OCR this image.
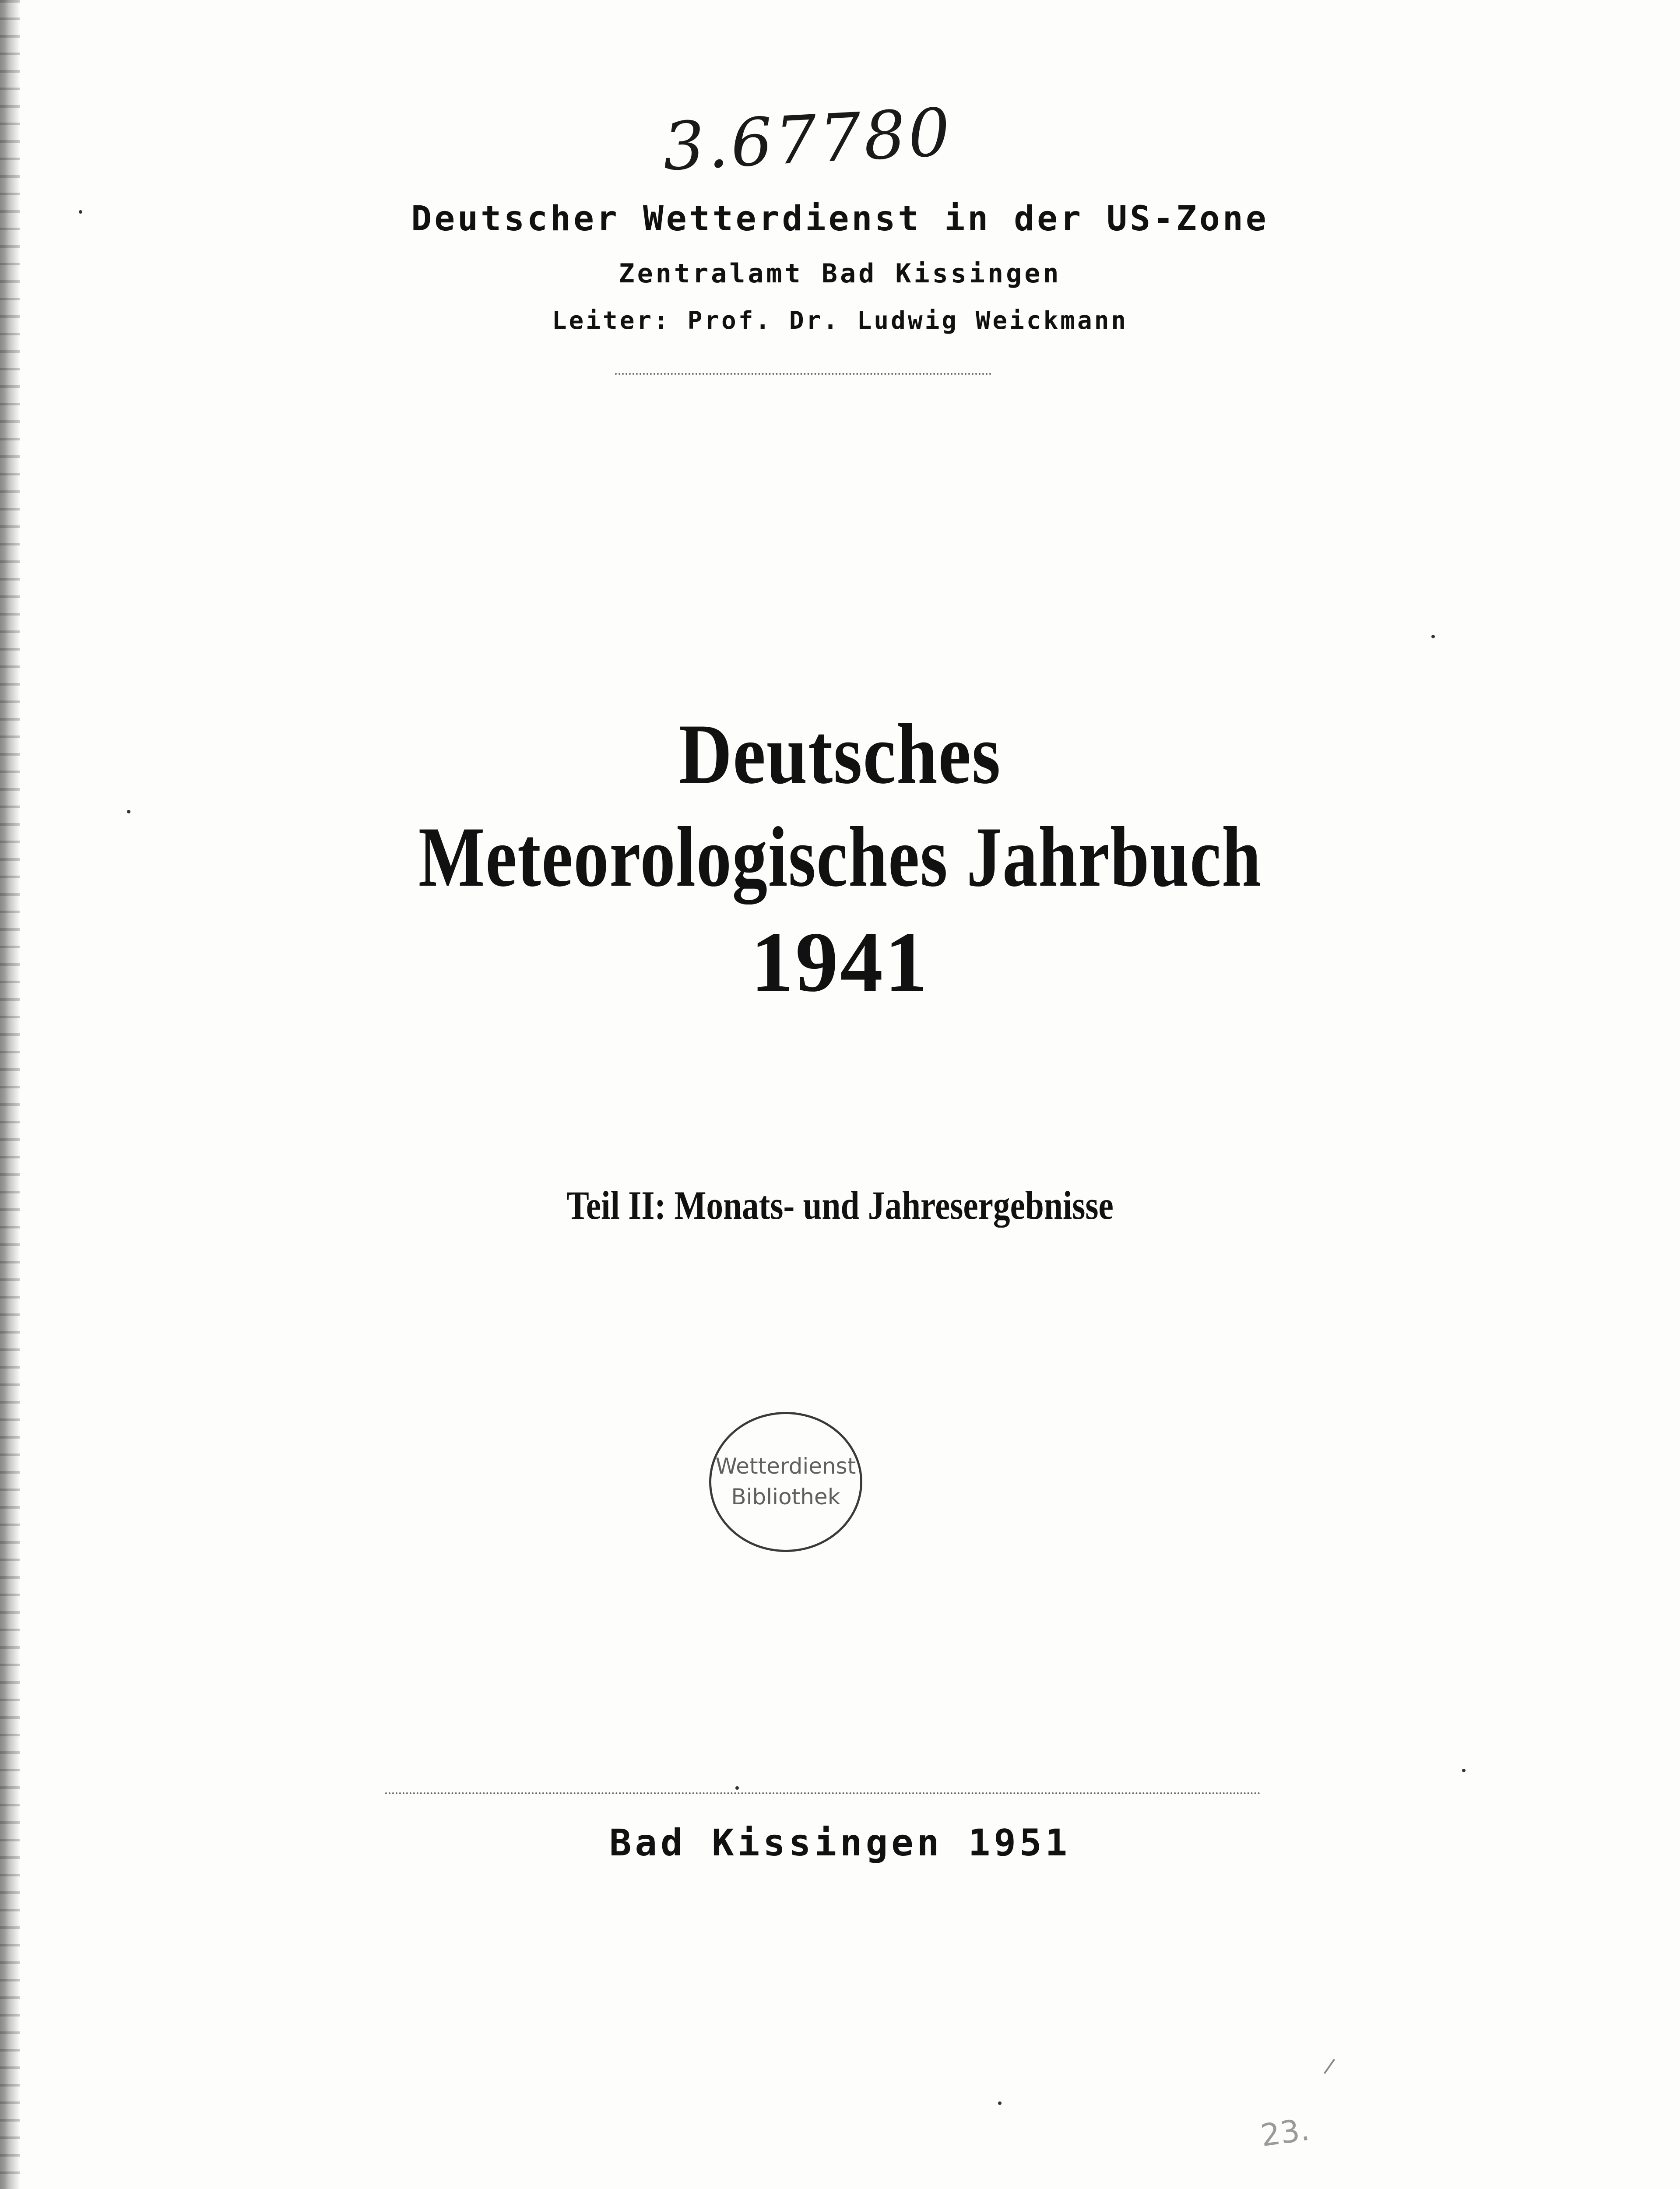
3.67780
Deutscher Wetterdienst in der US-Zone
Zentralamt Bad Kissingen
Leiter: Prof. Dr. Ludwig Weickmann
Deutsches
Meteorologisches Jahrbuch
1941
Teil II: Monats- und Jahresergebnisse
Wetterdienst
Bibliothek
Bad Kissingen 1951
23.
